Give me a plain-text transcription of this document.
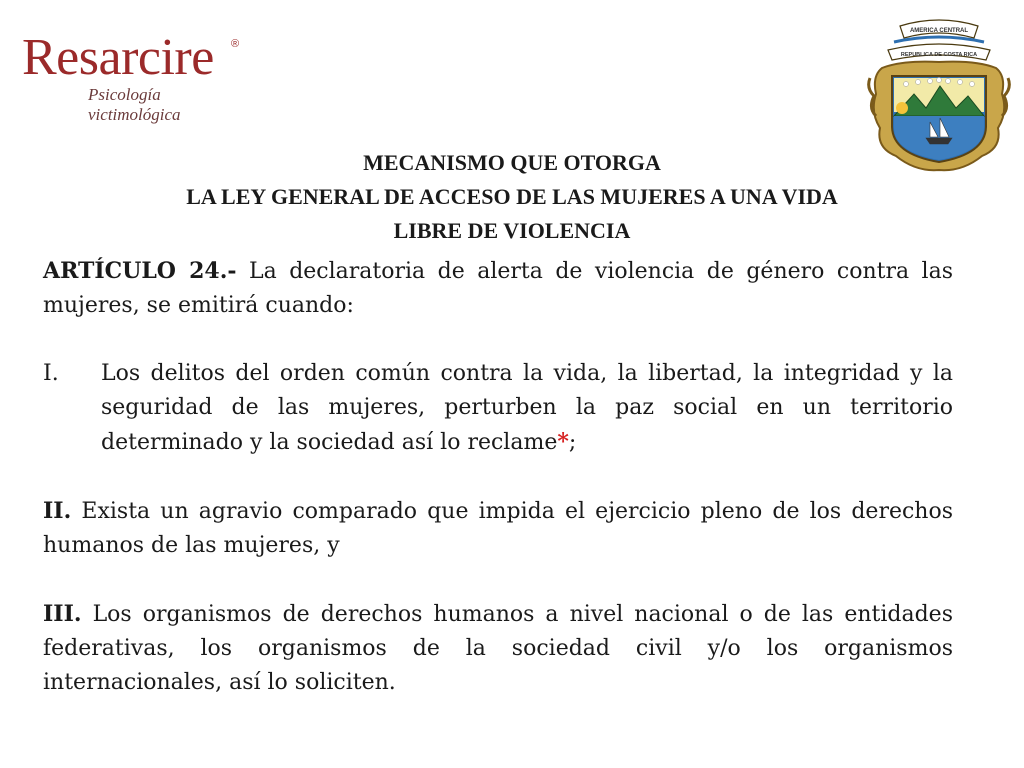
Resarcire ®
Psicología victimológica
AMERICA CENTRAL
REPUBLICA DE COSTA RICA
MECANISMO QUE OTORGA
LA LEY GENERAL DE ACCESO DE LAS MUJERES A UNA VIDA
LIBRE DE VIOLENCIA

ARTÍCULO 24.- La declaratoria de alerta de violencia de género contra las mujeres, se emitirá cuando:

I.	Los delitos del orden común contra la vida, la libertad, la integridad y la seguridad de las mujeres, perturben la paz social en un territorio determinado y la sociedad así lo reclame*;

II. Exista un agravio comparado que impida el ejercicio pleno de los derechos humanos de las mujeres, y

III. Los organismos de derechos humanos a nivel nacional o de las entidades federativas, los organismos de la sociedad civil y/o los organismos internacionales, así lo soliciten.
